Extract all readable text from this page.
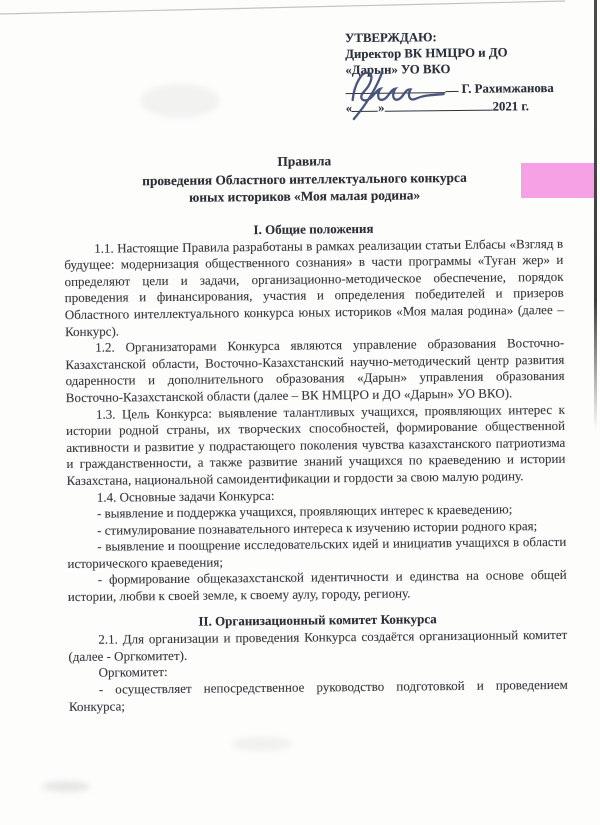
УТВЕРЖДАЮ:
Директор ВК НМЦРО и ДО
«Дарын» УО ВКО
Г. Рахимжанова
« »	2021 г.
Правила
проведения Областного интеллектуального конкурса
юных историков «Моя малая родина»

I. Общие положения

1.1. Настоящие Правила разработаны в рамках реализации статьи Елбасы «Взгляд в будущее: модернизация общественного сознания» в части программы «Туған жер» и определяют цели и задачи, организационно-методическое обеспечение, порядок проведения и финансирования, участия и определения победителей и призеров Областного интеллектуального конкурса юных историков «Моя малая родина» (далее – Конкурс).

1.2. Организаторами Конкурса являются управление образования Восточно-Казахстанской области, Восточно-Казахстанский научно-методический центр развития одаренности и дополнительного образования «Дарын» управления образования Восточно-Казахстанской области (далее – ВК НМЦРО и ДО «Дарын» УО ВКО).

1.3. Цель Конкурса: выявление талантливых учащихся, проявляющих интерес к истории родной страны, их творческих способностей, формирование общественной активности и развитие у подрастающего поколения чувства казахстанского патриотизма и гражданственности, а также развитие знаний учащихся по краеведению и истории Казахстана, национальной самоидентификации и гордости за свою малую родину.

1.4. Основные задачи Конкурса:

- выявление и поддержка учащихся, проявляющих интерес к краеведению;

- стимулирование познавательного интереса к изучению истории родного края;

- выявление и поощрение исследовательских идей и инициатив учащихся в области исторического краеведения;

- формирование общеказахстанской идентичности и единства на основе общей истории, любви к своей земле, к своему аулу, городу, региону.

II. Организационный комитет Конкурса

2.1. Для организации и проведения Конкурса создаётся организационный комитет (далее - Оргкомитет).

Оргкомитет:

- осуществляет непосредственное руководство подготовкой и проведением Конкурса;
